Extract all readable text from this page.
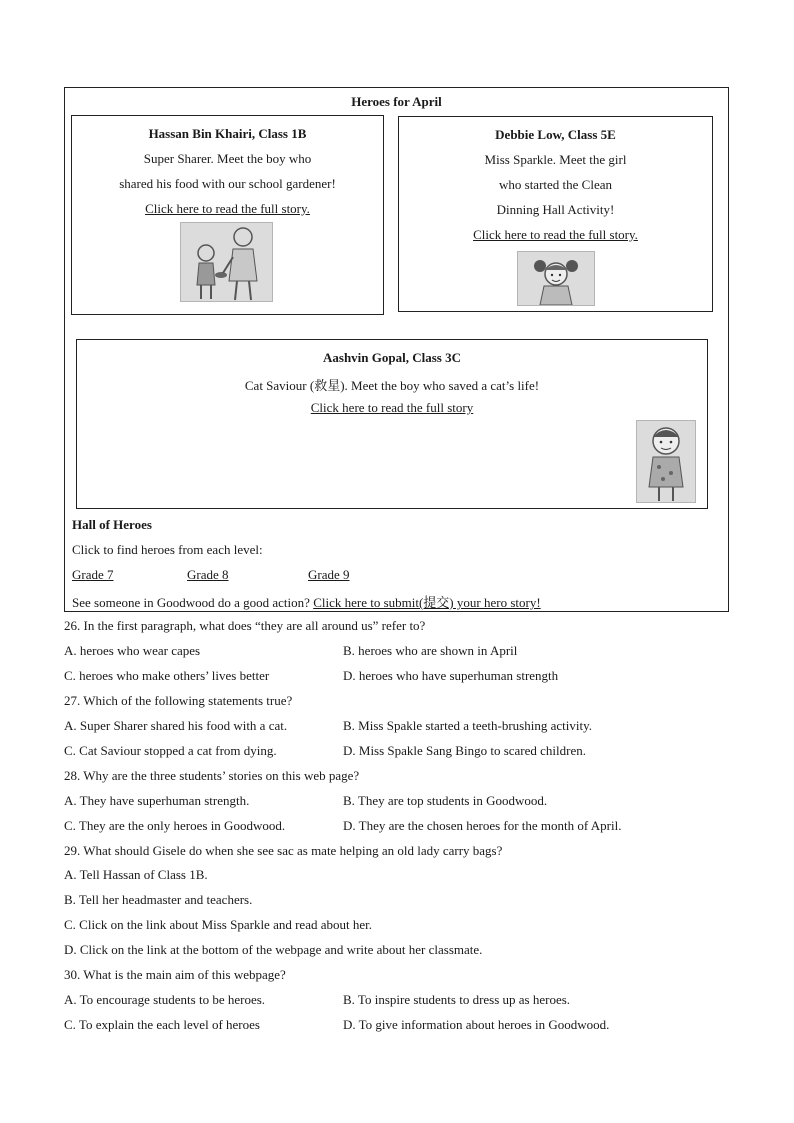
Heroes for April
Hassan Bin Khairi, Class 1B
Super Sharer. Meet the boy who
shared his food with our school gardener!
Click here to read the full story.
Debbie Low, Class 5E
Miss Sparkle. Meet the girl
who started the Clean
Dinning Hall Activity!
Click here to read the full story.
Aashvin Gopal, Class 3C
Cat Saviour (救星). Meet the boy who saved a cat’s life!
Click here to read the full story
Hall of Heroes
Click to find heroes from each level:
Grade 7	Grade 8	Grade 9
See someone in Goodwood do a good action? Click here to submit(提交) your hero story!
26. In the first paragraph, what does “they are all around us” refer to?
A. heroes who wear capes	B. heroes who are shown in April
C. heroes who make others’ lives better	D. heroes who have superhuman strength
27. Which of the following statements true?
A. Super Sharer shared his food with a cat.	B. Miss Spakle started a teeth-brushing activity.
C. Cat Saviour stopped a cat from dying.	D. Miss Spakle Sang Bingo to scared children.
28. Why are the three students’ stories on this web page?
A. They have superhuman strength.	B. They are top students in Goodwood.
C. They are the only heroes in Goodwood.	D. They are the chosen heroes for the month of April.
29. What should Gisele do when she see sac as mate helping an old lady carry bags?
A. Tell Hassan of Class 1B.
B. Tell her headmaster and teachers.
C. Click on the link about Miss Sparkle and read about her.
D. Click on the link at the bottom of the webpage and write about her classmate.
30. What is the main aim of this webpage?
A. To encourage students to be heroes.	B. To inspire students to dress up as heroes.
C. To explain the each level of heroes	D. To give information about heroes in Goodwood.
